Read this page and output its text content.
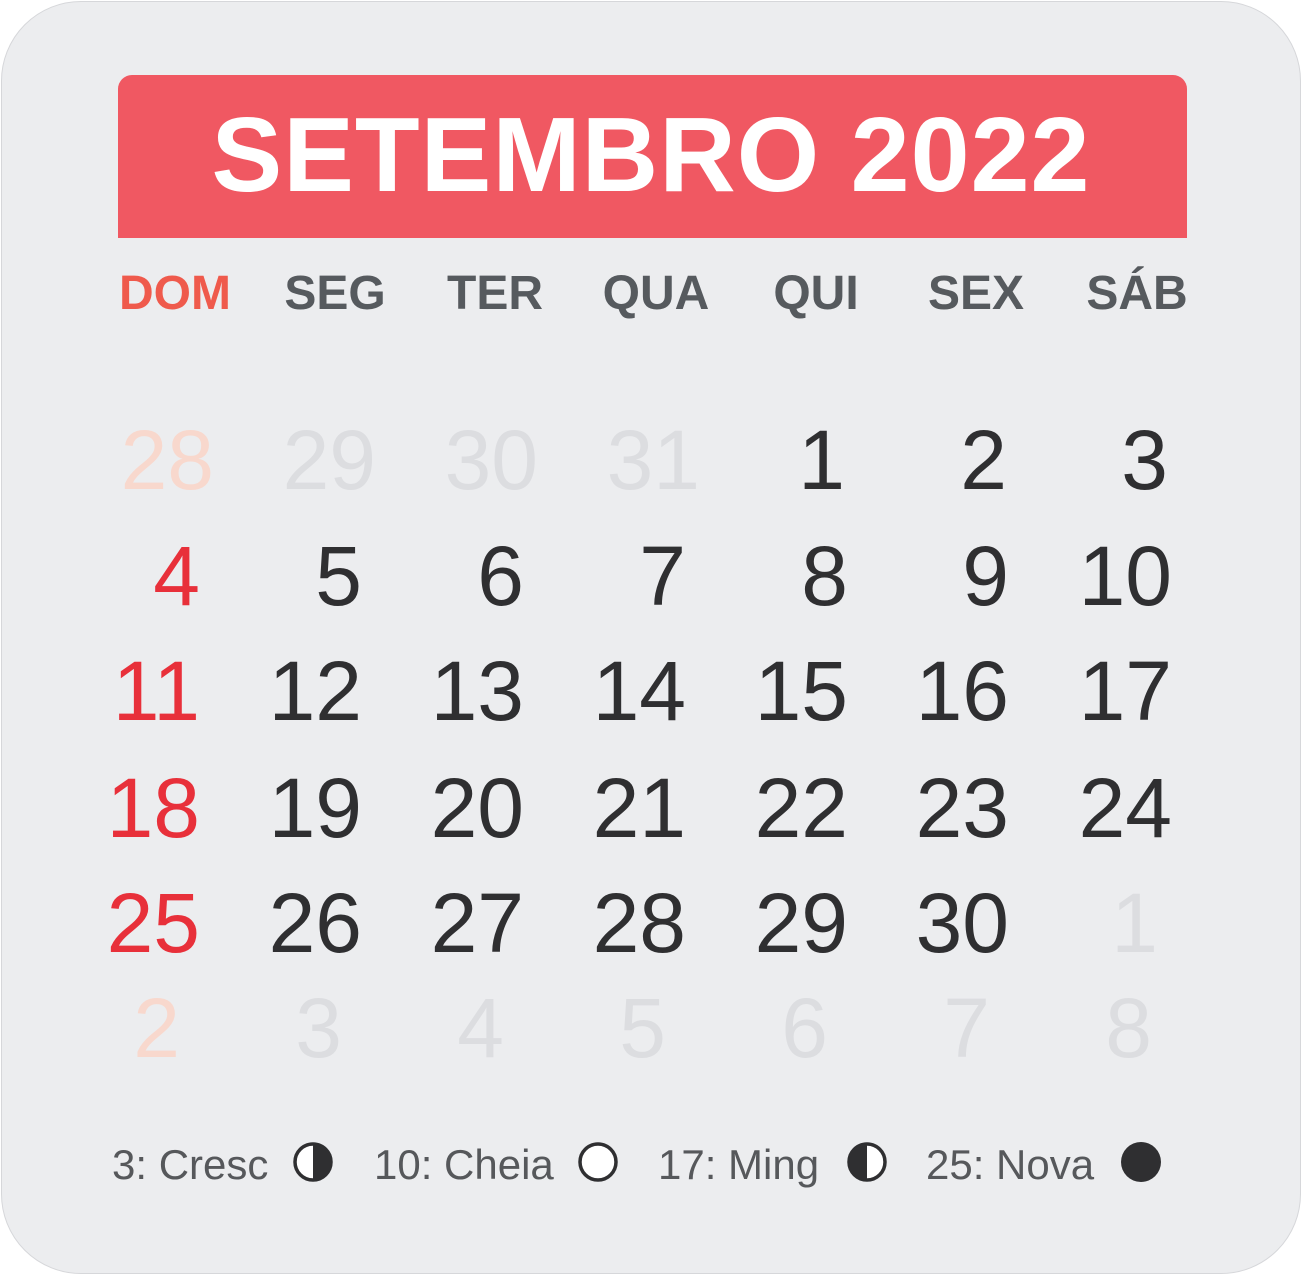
SETEMBRO 2022
DOM	SEG	TER	QUA	QUI	SEX	SÁB
28 29 30 31	1	2	3
4	5	6	7	8	9 10
11 12 13 14 15 16 17
18 19 20 21 22 23 24
25 26 27 28 29 30	1
2	3	4	5	6	7	8
3: Cresc	10: Cheia 17: Ming	25: Nova
